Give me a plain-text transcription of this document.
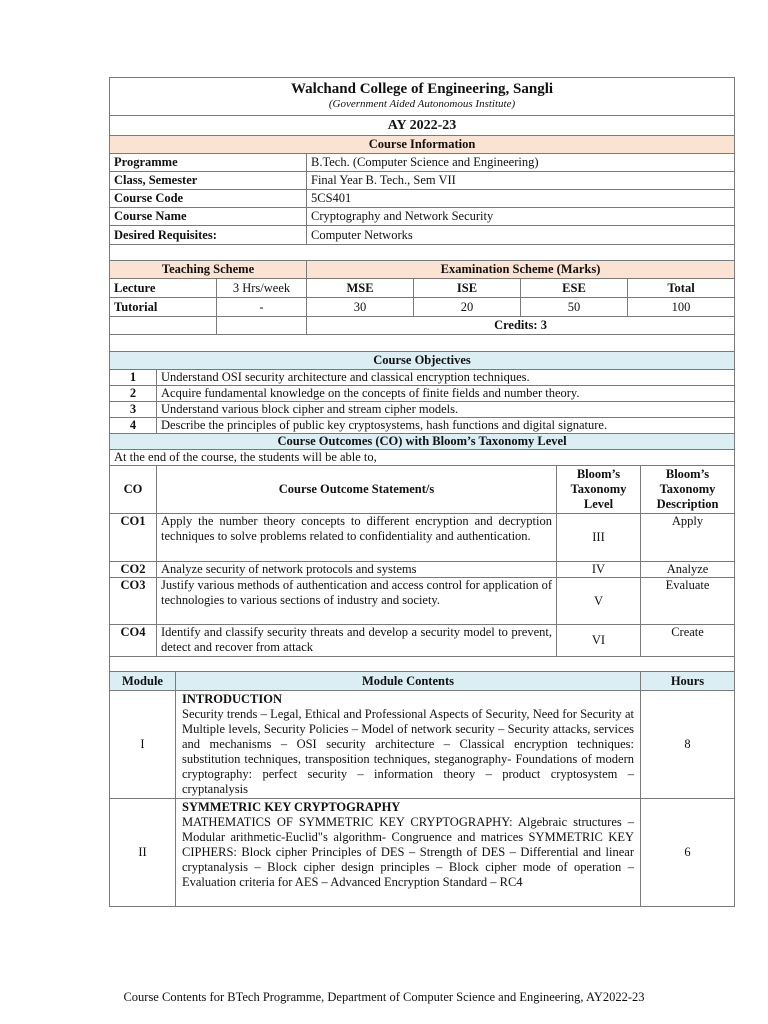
Walchand College of Engineering, Sangli
(Government Aided Autonomous Institute)	

AY 2022-23	
Course Information	
Programme	B.Tech. (Computer Science and Engineering)
Class, Semester	Final Year B. Tech., Sem VII
Course Code	5CS401
Course Name	Cryptography and Network Security
Desired Requisites:	Computer Networks

Teaching Scheme		Examination Scheme (Marks)			
Lecture	3 Hrs/week	MSE	ISE	ESE	Total
Tutorial	-	30	20	50	100
		Credits: 3			

Course Objectives			
1	Understand OSI security architecture and classical encryption techniques.		
2	Acquire fundamental knowledge on the concepts of finite fields and number theory.		
3	Understand various block cipher and stream cipher models.		
4	Describe the principles of public key cryptosystems, hash functions and digital signature.		
Course Outcomes (CO) with Bloom’s Taxonomy Level			
At the end of the course, the students will be able to,			
CO	Course Outcome Statement/s	Bloom’s Taxonomy Level	Bloom’s Taxonomy Description
CO1	Apply the number theory concepts to different encryption and decryption techniques to solve problems related to confidentiality and authentication.	III	Apply
CO2	Analyze security of network protocols and systems	IV	Analyze
CO3	Justify various methods of authentication and access control for application of technologies to various sections of industry and society.	V	Evaluate
CO4	Identify and classify security threats and develop a security model to prevent, detect and recover from attack	VI	Create

Module	Module Contents	Hours
I	INTRODUCTION
Security trends – Legal, Ethical and Professional Aspects of Security, Need for Security at Multiple levels, Security Policies – Model of network security – Security attacks, services and mechanisms – OSI security architecture – Classical encryption techniques: substitution techniques, transposition techniques, steganography- Foundations of modern cryptography: perfect security – information theory – product cryptosystem – cryptanalysis	8
II	SYMMETRIC KEY CRYPTOGRAPHY
MATHEMATICS OF SYMMETRIC KEY CRYPTOGRAPHY: Algebraic structures – Modular arithmetic-Euclid"s algorithm- Congruence and matrices SYMMETRIC KEY CIPHERS: Block cipher Principles of DES – Strength of DES – Differential and linear cryptanalysis – Block cipher design principles – Block cipher mode of operation – Evaluation criteria for AES – Advanced Encryption Standard – RC4	6
Course Contents for BTech Programme, Department of Computer Science and Engineering, AY2022-23
